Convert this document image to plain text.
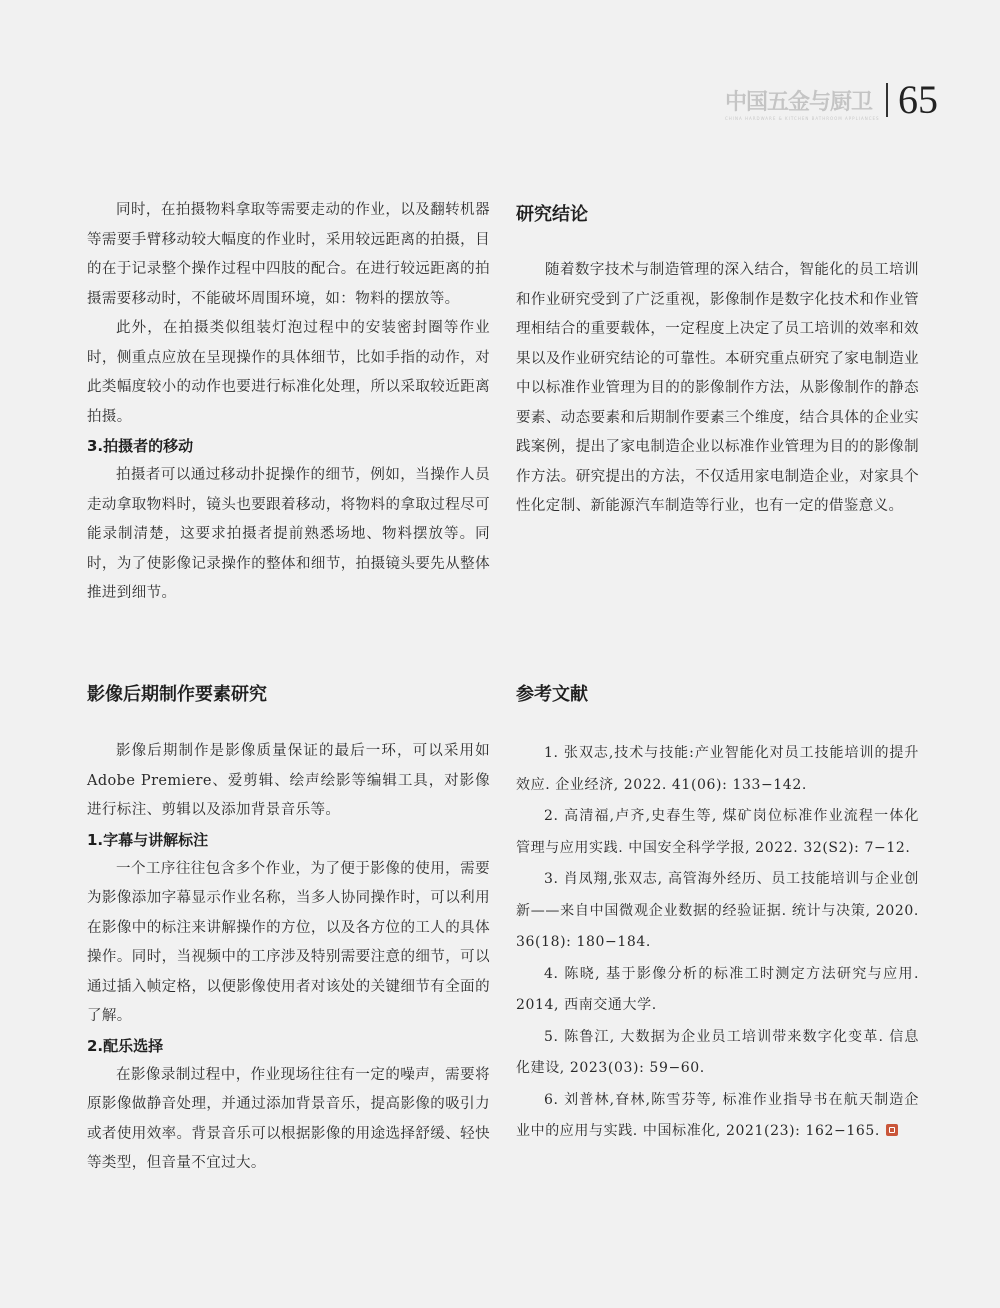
中国五金与厨卫
CHINA HARDWARE & KITCHEN BATHROOM APPLIANCES 65

同时，在拍摄物料拿取等需要走动的作业，以及翻转机器等需要手臂移动较大幅度的作业时，采用较远距离的拍摄，目的在于记录整个操作过程中四肢的配合。在进行较远距离的拍摄需要移动时，不能破坏周围环境，如：物料的摆放等。

此外，在拍摄类似组装灯泡过程中的安装密封圈等作业时，侧重点应放在呈现操作的具体细节，比如手指的动作，对此类幅度较小的动作也要进行标准化处理，所以采取较近距离拍摄。

3.拍摄者的移动

拍摄者可以通过移动扑捉操作的细节，例如，当操作人员走动拿取物料时，镜头也要跟着移动，将物料的拿取过程尽可能录制清楚，这要求拍摄者提前熟悉场地、物料摆放等。同时，为了使影像记录操作的整体和细节，拍摄镜头要先从整体推进到细节。

影像后期制作要素研究

影像后期制作是影像质量保证的最后一环，可以采用如Adobe Premiere、爱剪辑、绘声绘影等编辑工具，对影像进行标注、剪辑以及添加背景音乐等。

1.字幕与讲解标注

一个工序往往包含多个作业，为了便于影像的使用，需要为影像添加字幕显示作业名称，当多人协同操作时，可以利用在影像中的标注来讲解操作的方位，以及各方位的工人的具体操作。同时，当视频中的工序涉及特别需要注意的细节，可以通过插入帧定格，以便影像使用者对该处的关键细节有全面的了解。

2.配乐选择

在影像录制过程中，作业现场往往有一定的噪声，需要将原影像做静音处理，并通过添加背景音乐，提高影像的吸引力或者使用效率。背景音乐可以根据影像的用途选择舒缓、轻快等类型，但音量不宜过大。

研究结论

随着数字技术与制造管理的深入结合，智能化的员工培训和作业研究受到了广泛重视，影像制作是数字化技术和作业管理相结合的重要载体，一定程度上决定了员工培训的效率和效果以及作业研究结论的可靠性。本研究重点研究了家电制造业中以标准作业管理为目的的影像制作方法，从影像制作的静态要素、动态要素和后期制作要素三个维度，结合具体的企业实践案例，提出了家电制造企业以标准作业管理为目的的影像制作方法。研究提出的方法，不仅适用家电制造企业，对家具个性化定制、新能源汽车制造等行业，也有一定的借鉴意义。

参考文献

1. 张双志,技术与技能:产业智能化对员工技能培训的提升效应. 企业经济, 2022. 41(06): 133−142.

2. 高清福,卢齐,史春生等, 煤矿岗位标准作业流程一体化管理与应用实践. 中国安全科学学报, 2022. 32(S2): 7−12.

3. 肖凤翔,张双志, 高管海外经历、员工技能培训与企业创新——来自中国微观企业数据的经验证据. 统计与决策, 2020. 36(18): 180−184.

4. 陈晓, 基于影像分析的标准工时测定方法研究与应用. 2014, 西南交通大学.

5. 陈鲁江, 大数据为企业员工培训带来数字化变革. 信息化建设, 2023(03): 59−60.

6. 刘普林,眘林,陈雪芬等, 标准作业指导书在航天制造企业中的应用与实践. 中国标准化, 2021(23): 162−165.
